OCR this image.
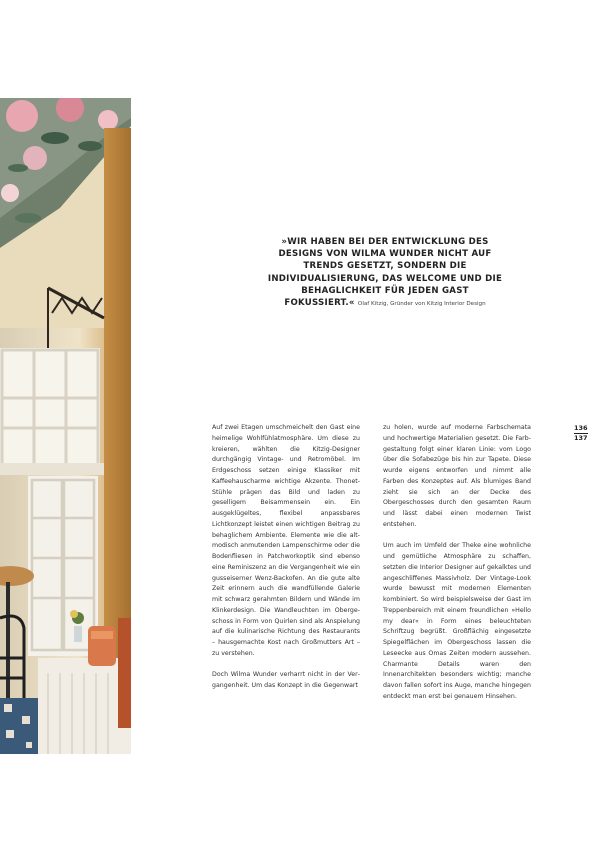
»WIR HABEN BEI DER ENTWICKLUNG DES DESIGNS VON WILMA WUNDER NICHT AUF TRENDS GESETZT, SONDERN DIE INDIVIDUALISIERUNG, DAS WELCOME UND DIE BEHAGLICHKEIT FÜR JEDEN GAST FOKUSSIERT.« Olaf Kitzig, Gründer von Kitzig Interior Design

Auf zwei Etagen umschmeichelt den Gast eine heimelige Wohlfühlatmosphäre. Um diese zu kreieren, wählten die Kitzig-Designer durchgängig Vintage- und Retromöbel. Im Erdgeschoss setzen einige Klassiker mit Kaffeehauscharme wichtige Akzente. Thonet-Stühle prägen das Bild und laden zu geselligem Beisammensein ein. Ein ausgeklügeltes, flexibel anpassbares Lichtkonzept leistet einen wichtigen Beitrag zu behaglichem Ambiente. Elemente wie die altmodisch anmutenden Lampenschirme oder die Bodenfliesen in Patchworkoptik sind ebenso eine Reminiszenz an die Vergangenheit wie ein gusseiserner Wenz-Backofen. An die gute alte Zeit erinnern auch die wandfüllende Galerie mit schwarz gerahmten Bildern und Wände im Klinkerdesign. Die Wandleuchten im Obergeschoss in Form von Quirlen sind als Anspielung auf die kulinarische Richtung des Restaurants – hausgemachte Kost nach Großmutters Art – zu verstehen.

Doch Wilma Wunder verharrt nicht in der Vergangenheit. Um das Konzept in die Gegenwart

zu holen, wurde auf moderne Farbschemata und hochwertige Materialien gesetzt. Die Farbgestaltung folgt einer klaren Linie: vom Logo über die Sofabezüge bis hin zur Tapete. Diese wurde eigens entworfen und nimmt alle Farben des Konzeptes auf. Als blumiges Band zieht sie sich an der Decke des Obergeschosses durch den gesamten Raum und lässt dabei einen modernen Twist entstehen.

Um auch im Umfeld der Theke eine wohnliche und gemütliche Atmosphäre zu schaffen, setzten die Interior Designer auf gekalktes und angeschliffenes Massivholz. Der Vintage-Look wurde bewusst mit modernen Elementen kombiniert. So wird beispielsweise der Gast im Treppenbereich mit einem freundlichen »Hello my dear« in Form eines beleuchteten Schriftzug begrüßt. Großflächig eingesetzte Spiegelflächen im Obergeschoss lassen die Leseecke aus Omas Zeiten modern aussehen. Charmante Details waren den Innenarchitekten besonders wichtig; manche davon fallen sofort ins Auge, manche hingegen entdeckt man erst bei genauem Hinsehen.

136
137
